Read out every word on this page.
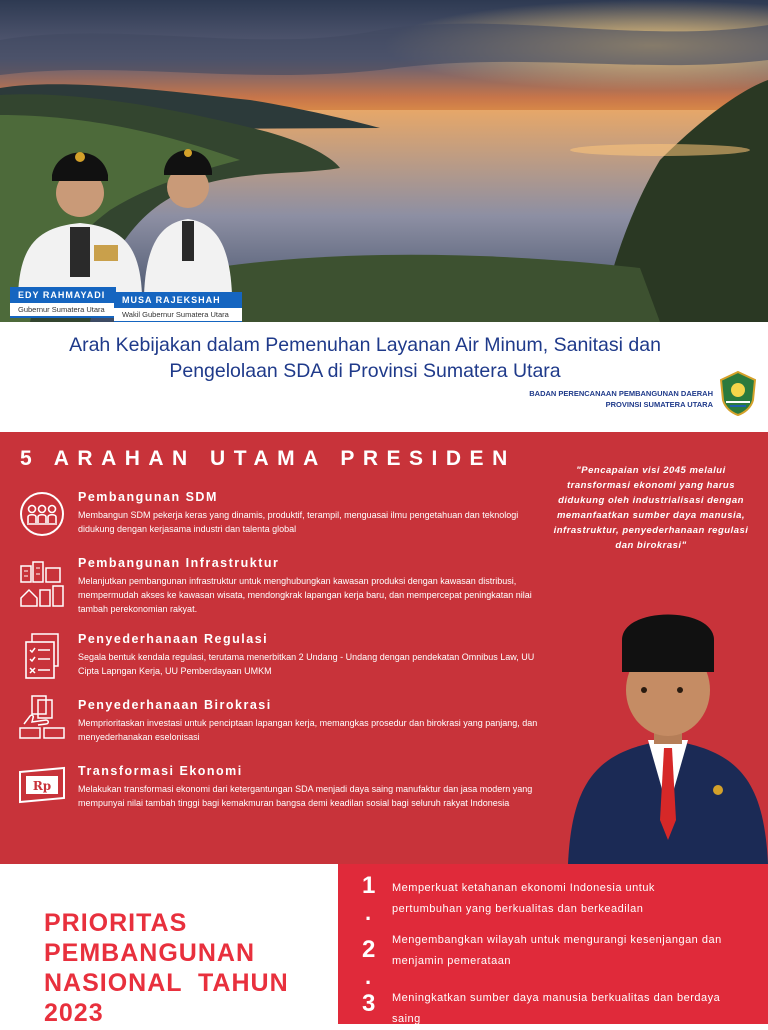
EDY RAHMAYADI
Gubernur Sumatera Utara
MUSA RAJEKSHAH
Wakil Gubernur Sumatera Utara
Arah Kebijakan dalam Pemenuhan Layanan Air Minum, Sanitasi dan
Pengelolaan SDA di Provinsi Sumatera Utara
BADAN PERENCANAAN PEMBANGUNAN DAERAH
PROVINSI SUMATERA UTARA
5 ARAHAN UTAMA PRESIDEN
Pembangunan SDM
Membangun SDM pekerja keras yang dinamis, produktif, terampil, menguasai ilmu pengetahuan dan teknologi didukung dengan kerjasama industri dan talenta global
Pembangunan Infrastruktur
Melanjutkan pembangunan infrastruktur untuk menghubungkan kawasan produksi dengan kawasan distribusi, mempermudah akses ke kawasan wisata, mendongkrak lapangan kerja baru, dan mempercepat peningkatan nilai tambah perekonomian rakyat.
Penyederhanaan Regulasi
Segala bentuk kendala regulasi, terutama menerbitkan 2 Undang - Undang dengan pendekatan Omnibus Law, UU Cipta Lapngan Kerja, UU Pemberdayaan UMKM
Penyederhanaan Birokrasi
Memprioritaskan investasi untuk penciptaan lapangan kerja, memangkas prosedur dan birokrasi yang panjang, dan menyederhanakan eselonisasi
Rp
Transformasi Ekonomi
Melakukan transformasi ekonomi dari ketergantungan SDA menjadi daya saing manufaktur dan jasa modern yang mempunyai nilai tambah tinggi bagi kemakmuran bangsa demi keadilan sosial bagi seluruh rakyat Indonesia
"Pencapaian visi 2045 melalui transformasi ekonomi yang harus didukung oleh industrialisasi dengan memanfaatkan sumber daya manusia, infrastruktur, penyederhanaan regulasi dan birokrasi"
PRIORITAS
PEMBANGUNAN
NASIONAL  TAHUN
2023
1
.
Memperkuat ketahanan ekonomi Indonesia untuk pertumbuhan yang berkualitas dan berkeadilan
2
.
Mengembangkan wilayah untuk mengurangi kesenjangan dan menjamin pemerataan
3 Meningkatkan sumber daya manusia berkualitas dan berdaya saing
